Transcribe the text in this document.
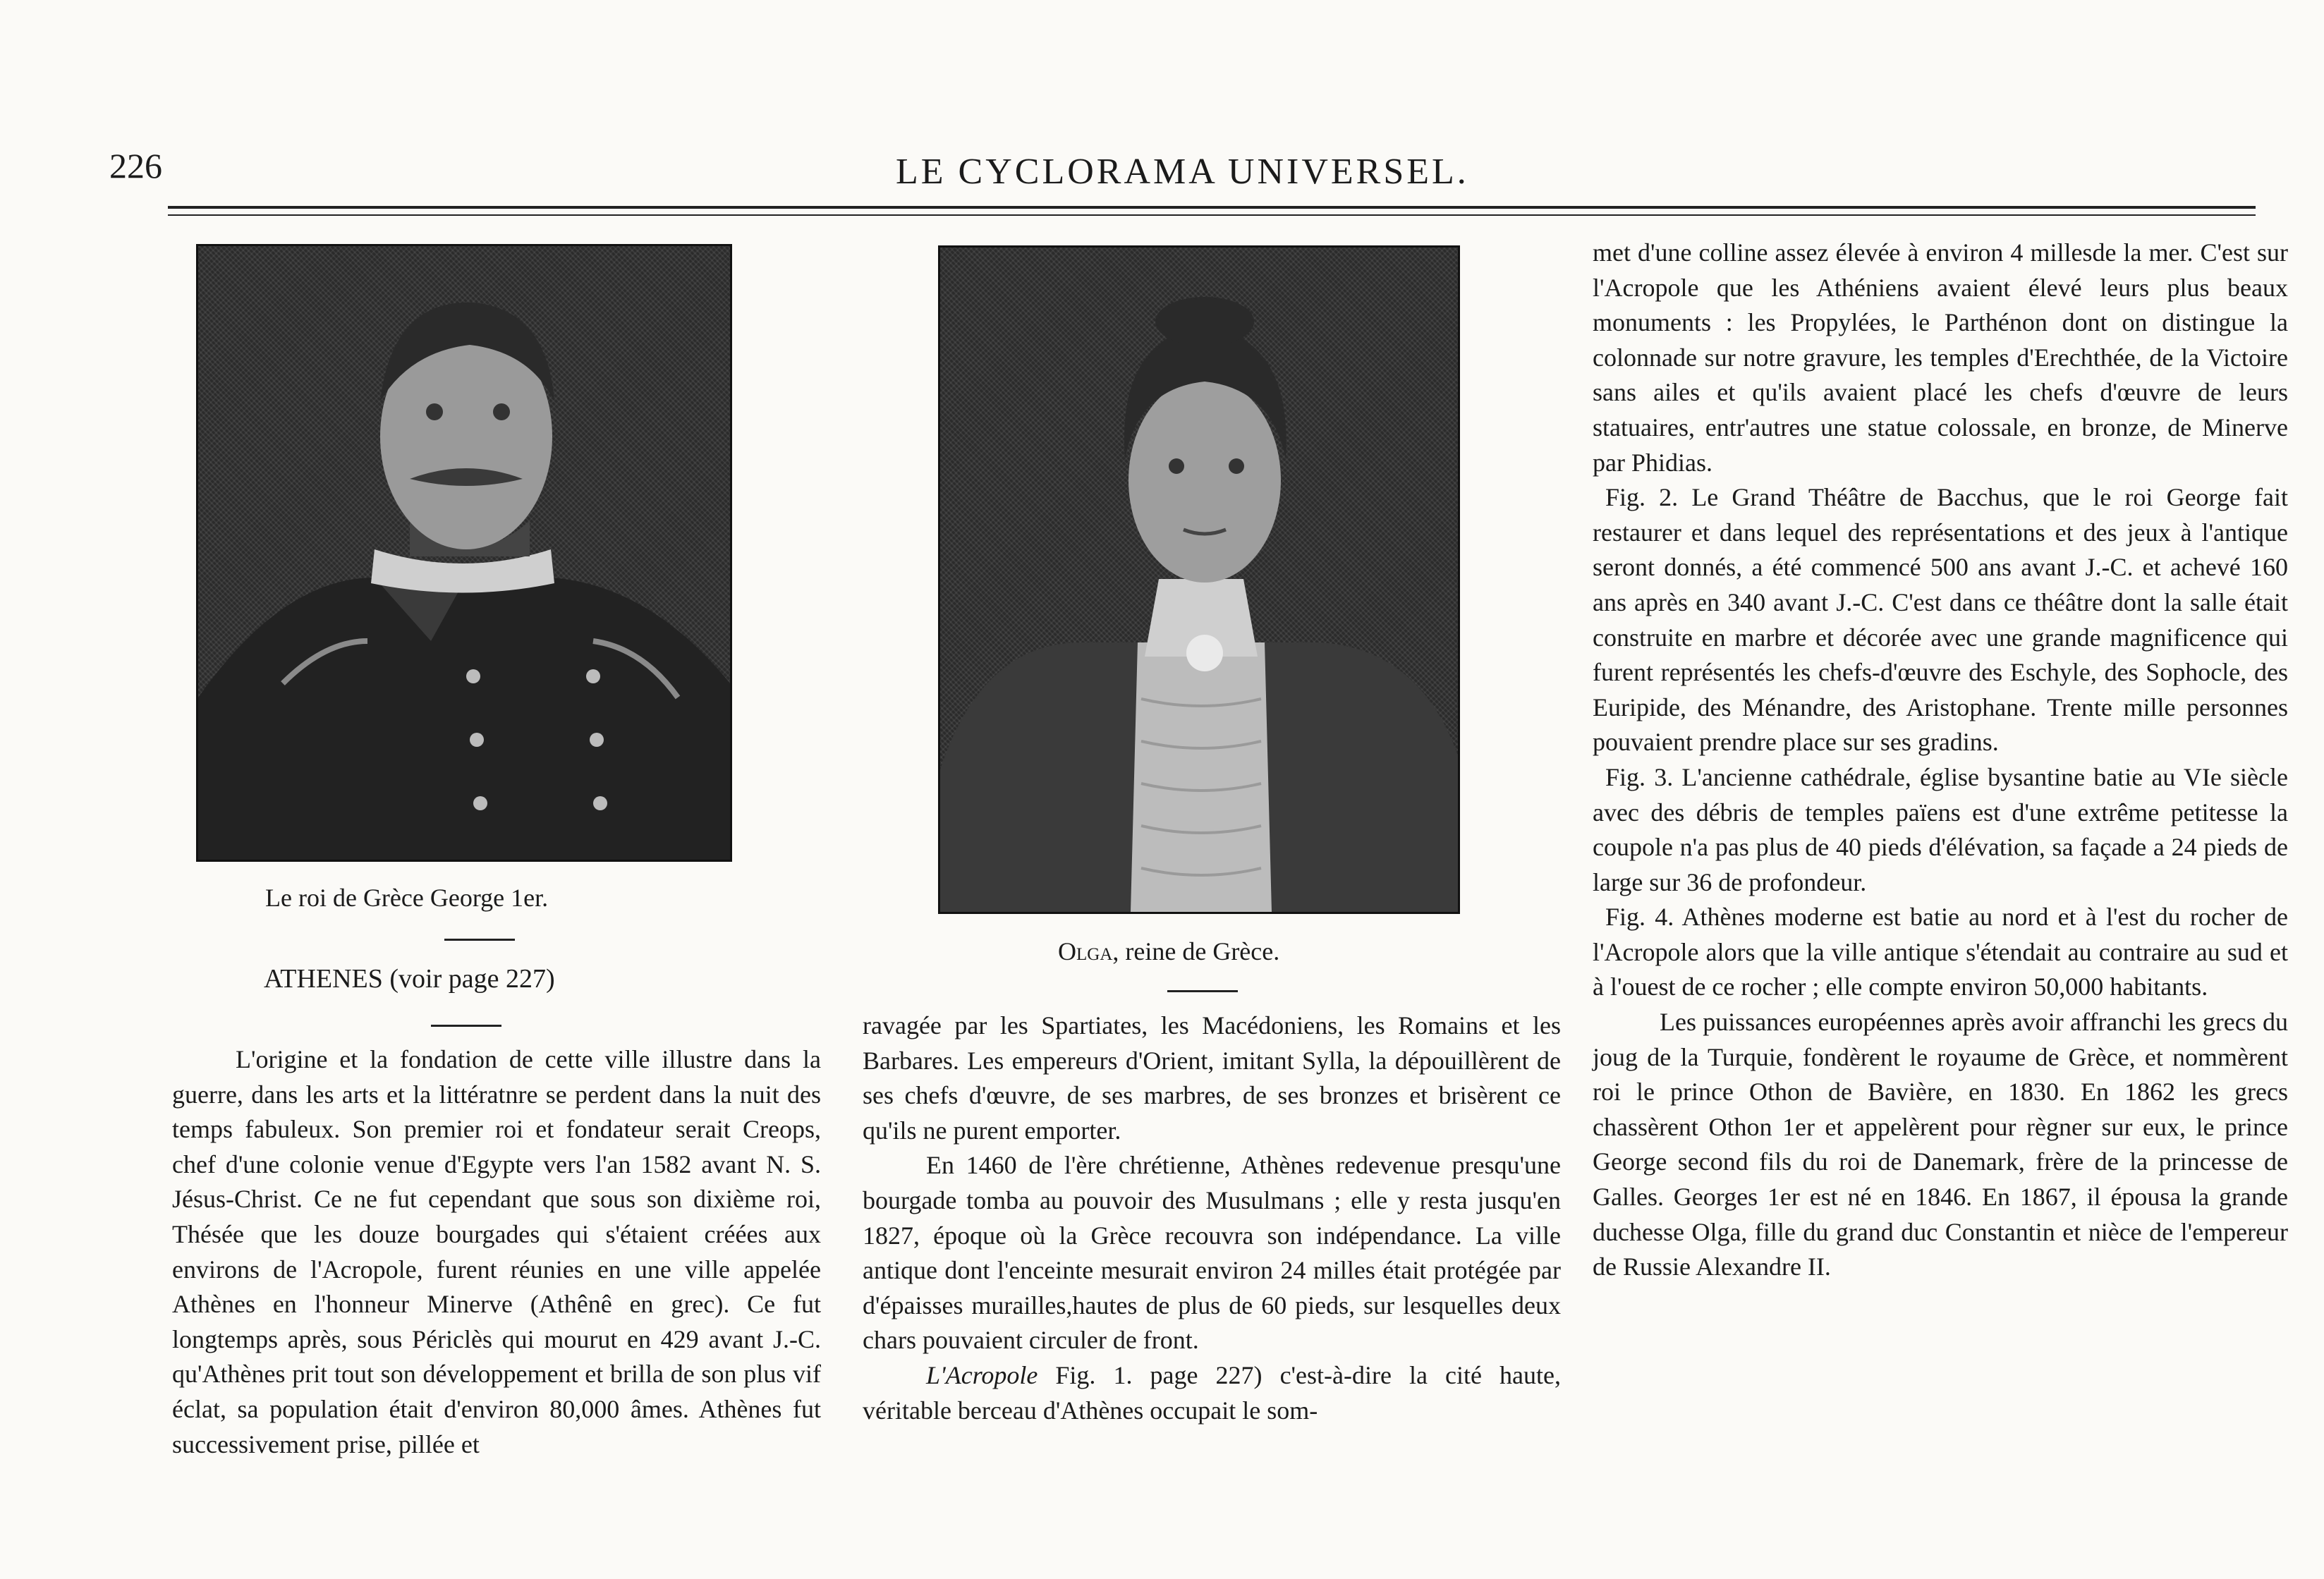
226	LE CYCLORAMA UNIVERSEL.
Le roi de Grèce George 1er.
ATHENES (voir page 227)
Olga, reine de Grèce.

L'origine et la fondation de cette ville illustre dans la guerre, dans les arts et la littératnre se perdent dans la nuit des temps fabuleux. Son premier roi et fondateur serait Creops, chef d'une colonie venue d'Egypte vers l'an 1582 avant N. S. Jésus-Christ. Ce ne fut cependant que sous son dixième roi, Thésée que les douze bourgades qui s'étaient créées aux environs de l'Acropole, furent réunies en une ville appelée Athènes en l'honneur Minerve (Athênê en grec). Ce fut longtemps après, sous Périclès qui mourut en 429 avant J.-C. qu'Athènes prit tout son développement et brilla de son plus vif éclat, sa population était d'environ 80,000 âmes. Athènes fut successivement prise, pillée et

ravagée par les Spartiates, les Macédoniens, les Romains et les Barbares. Les empereurs d'Orient, imitant Sylla, la dépouillèrent de ses chefs d'œuvre, de ses marbres, de ses bronzes et brisèrent ce qu'ils ne purent emporter.

En 1460 de l'ère chrétienne, Athènes redevenue presqu'une bourgade tomba au pouvoir des Musulmans ; elle y resta jusqu'en 1827, époque où la Grèce recouvra son indépendance. La ville antique dont l'enceinte mesurait environ 24 milles était protégée par d'épaisses murailles,hautes de plus de 60 pieds, sur lesquelles deux chars pouvaient circuler de front.

L'Acropole Fig. 1. page 227) c'est-à-dire la cité haute, véritable berceau d'Athènes occupait le som-

met d'une colline assez élevée à environ 4 millesde la mer. C'est sur l'Acropole que les Athéniens avaient élevé leurs plus beaux monuments : les Propylées, le Parthénon dont on distingue la colonnade sur notre gravure, les temples d'Erechthée, de la Victoire sans ailes et qu'ils avaient placé les chefs d'œuvre de leurs statuaires, entr'autres une statue colossale, en bronze, de Minerve par Phidias.

Fig. 2. Le Grand Théâtre de Bacchus, que le roi George fait restaurer et dans lequel des représentations et des jeux à l'antique seront donnés, a été commencé 500 ans avant J.-C. et achevé 160 ans après en 340 avant J.-C. C'est dans ce théâtre dont la salle était construite en marbre et décorée avec une grande magnificence qui furent représentés les chefs-d'œuvre des Eschyle, des Sophocle, des Euripide, des Ménandre, des Aristophane. Trente mille personnes pouvaient prendre place sur ses gradins.

Fig. 3. L'ancienne cathédrale, église bysantine batie au VIe siècle avec des débris de temples païens est d'une extrême petitesse la coupole n'a pas plus de 40 pieds d'élévation, sa façade a 24 pieds de large sur 36 de profondeur.

Fig. 4. Athènes moderne est batie au nord et à l'est du rocher de l'Acropole alors que la ville antique s'étendait au contraire au sud et à l'ouest de ce rocher ; elle compte environ 50,000 habitants.

Les puissances européennes après avoir affranchi les grecs du joug de la Turquie, fondèrent le royaume de Grèce, et nommèrent roi le prince Othon de Bavière, en 1830. En 1862 les grecs chassèrent Othon 1er et appelèrent pour règner sur eux, le prince George second fils du roi de Danemark, frère de la princesse de Galles. Georges 1er est né en 1846. En 1867, il épousa la grande duchesse Olga, fille du grand duc Constantin et nièce de l'empereur de Russie Alexandre II.
